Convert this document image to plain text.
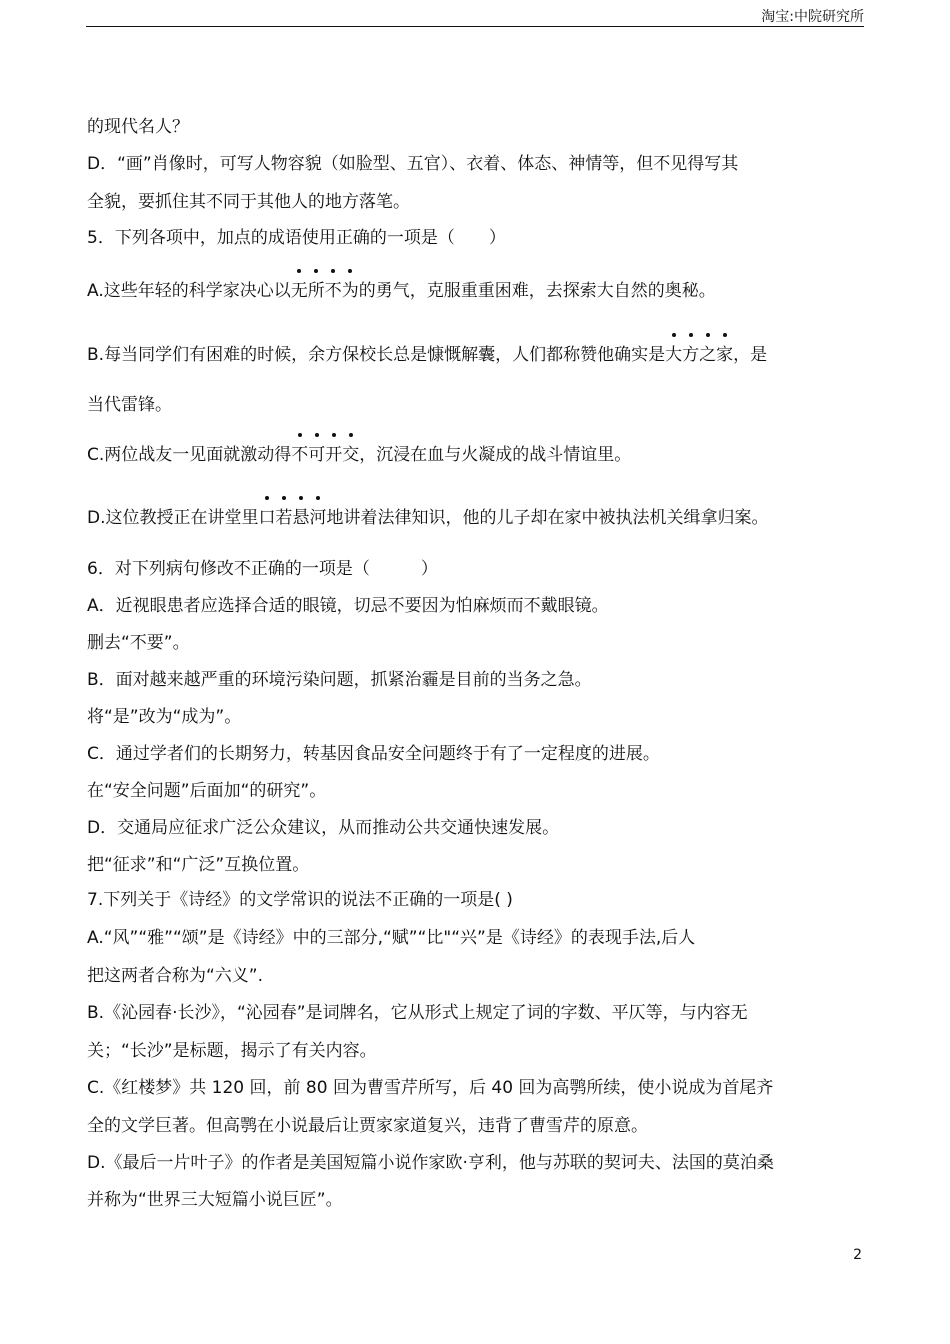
淘宝:中院研究所
的现代名人？
D．“画”肖像时，可写人物容貌（如脸型、五官）、衣着、体态、神情等，但不见得写其
全貌，要抓住其不同于其他人的地方落笔。
5．下列各项中，加点的成语使用正确的一项是（　　）
A.这些年轻的科学家决心以无
所
不
为
的勇气，克服重重困难，去探索大自然的奥秘。
B.每当同学们有困难的时候，余方保校长总是慷慨解囊，人们都称赞他确实是大
方
之
家
，是
当代雷锋。
C.两位战友一见面就激动得不
可
开
交
，沉浸在血与火凝成的战斗情谊里。
D.这位教授正在讲堂里口
若
悬
河
地讲着法律知识，他的儿子却在家中被执法机关缉拿归案。
6．对下列病句修改不正确的一项是（　　　）
A．近视眼患者应选择合适的眼镜，切忌不要因为怕麻烦而不戴眼镜。
删去“不要”。
B．面对越来越严重的环境污染问题，抓紧治霾是目前的当务之急。
将“是”改为“成为”。
C．通过学者们的长期努力，转基因食品安全问题终于有了一定程度的进展。
在“安全问题”后面加“的研究”。
D．交通局应征求广泛公众建议，从而推动公共交通快速发展。
把“征求”和“广泛”互换位置。
7.下列关于《诗经》的文学常识的说法不正确的一项是( )
A.“风”“雅”“颂”是《诗经》中的三部分,“赋”“比"“兴”是《诗经》的表现手法,后人
把这两者合称为“六义”.
B.《沁园春·长沙》，“沁园春”是词牌名，它从形式上规定了词的字数、平仄等，与内容无
关；“长沙”是标题，揭示了有关内容。
C.《红楼梦》共 120 回，前 80 回为曹雪芹所写，后 40 回为高鹗所续，使小说成为首尾齐
全的文学巨著。但高鹗在小说最后让贾家家道复兴，违背了曹雪芹的原意。
D.《最后一片叶子》的作者是美国短篇小说作家欧·亨利，他与苏联的契诃夫、法国的莫泊桑
并称为“世界三大短篇小说巨匠”。
2
